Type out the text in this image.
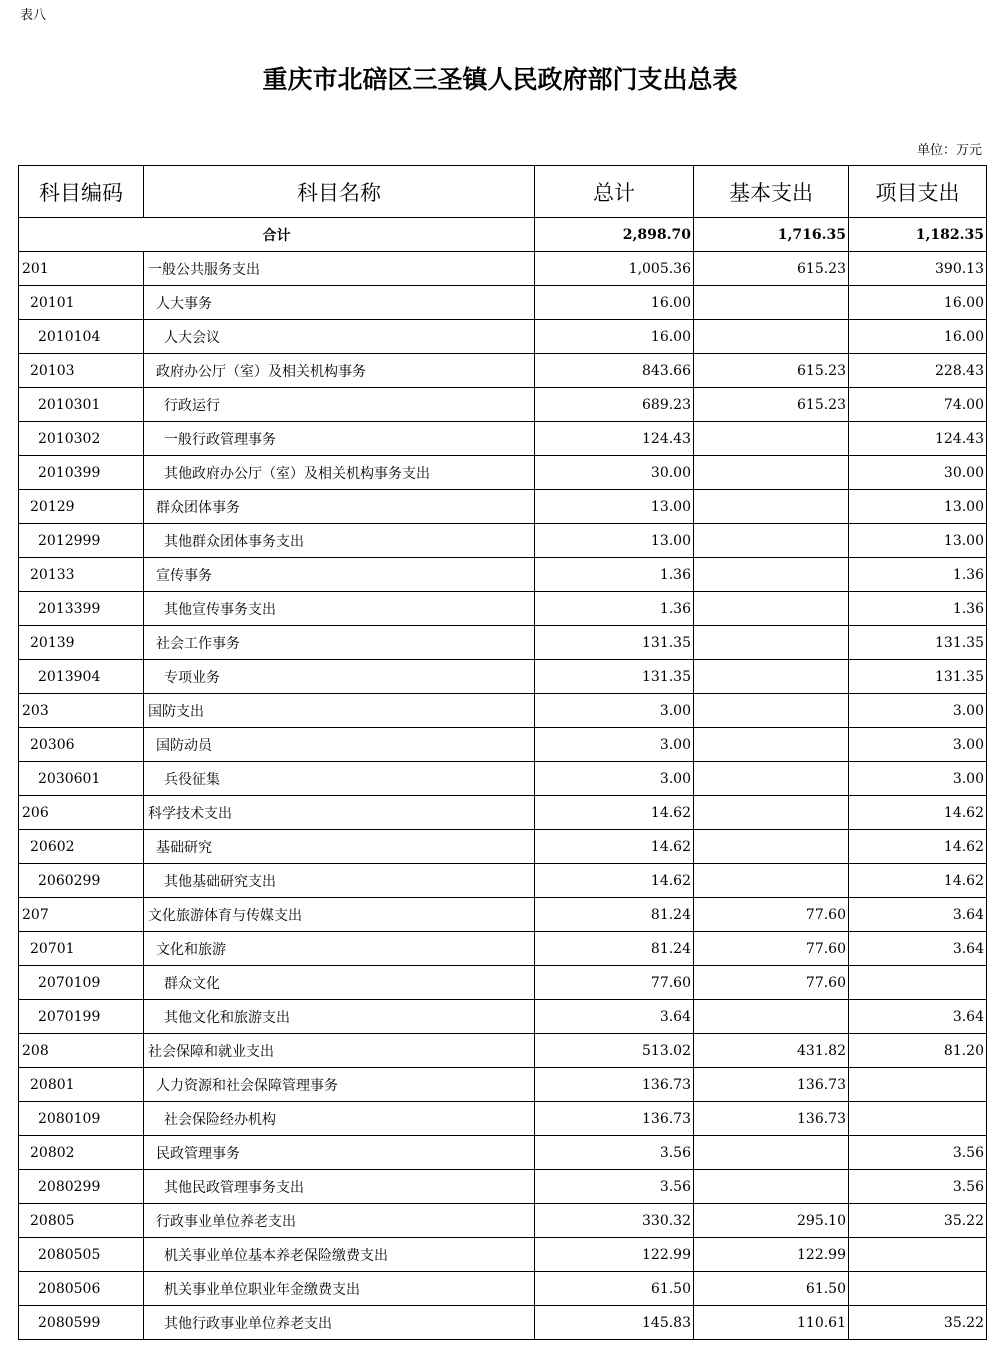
表八
重庆市北碚区三圣镇人民政府部门支出总表
单位：万元
科目编码	科目名称	总计	基本支出	项目支出
合计		2,898.70	1,716.35	1,182.35
201	一般公共服务支出	1,005.36	615.23	390.13
20101	人大事务	16.00		16.00
2010104	人大会议	16.00		16.00
20103	政府办公厅（室）及相关机构事务	843.66	615.23	228.43
2010301	行政运行	689.23	615.23	74.00
2010302	一般行政管理事务	124.43		124.43
2010399	其他政府办公厅（室）及相关机构事务支出	30.00		30.00
20129	群众团体事务	13.00		13.00
2012999	其他群众团体事务支出	13.00		13.00
20133	宣传事务	1.36		1.36
2013399	其他宣传事务支出	1.36		1.36
20139	社会工作事务	131.35		131.35
2013904	专项业务	131.35		131.35
203	国防支出	3.00		3.00
20306	国防动员	3.00		3.00
2030601	兵役征集	3.00		3.00
206	科学技术支出	14.62		14.62
20602	基础研究	14.62		14.62
2060299	其他基础研究支出	14.62		14.62
207	文化旅游体育与传媒支出	81.24	77.60	3.64
20701	文化和旅游	81.24	77.60	3.64
2070109	群众文化	77.60	77.60	
2070199	其他文化和旅游支出	3.64		3.64
208	社会保障和就业支出	513.02	431.82	81.20
20801	人力资源和社会保障管理事务	136.73	136.73	
2080109	社会保险经办机构	136.73	136.73	
20802	民政管理事务	3.56		3.56
2080299	其他民政管理事务支出	3.56		3.56
20805	行政事业单位养老支出	330.32	295.10	35.22
2080505	机关事业单位基本养老保险缴费支出	122.99	122.99	
2080506	机关事业单位职业年金缴费支出	61.50	61.50	
2080599	其他行政事业单位养老支出	145.83	110.61	35.22
